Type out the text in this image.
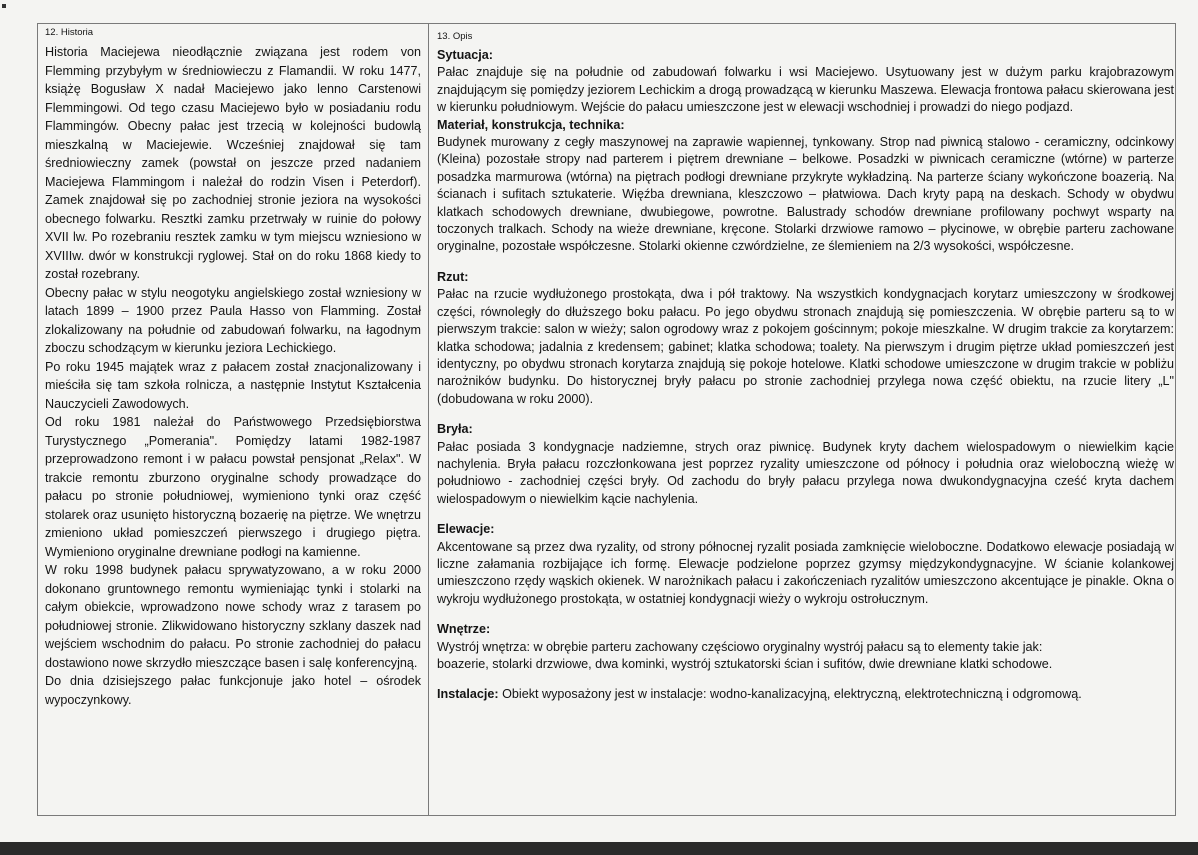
12. Historia

Historia Maciejewa nieodłącznie związana jest rodem von Flemming przybyłym w średniowieczu z Flamandii. W roku 1477, książę Bogusław X nadał Maciejewo jako lenno Carstenowi Flemmingowi. Od tego czasu Maciejewo było w posiadaniu rodu Flammingów. Obecny pałac jest trzecią w kolejności budowlą mieszkalną w Maciejewie. Wcześniej znajdował się tam średniowieczny zamek (powstał on jeszcze przed nadaniem Maciejewa Flammingom i należał do rodzin Visen i Peterdorf). Zamek znajdował się po zachodniej stronie jeziora na wysokości obecnego folwarku. Resztki zamku przetrwały w ruinie do połowy XVII lw. Po rozebraniu resztek zamku w tym miejscu wzniesiono w XVIIIw. dwór w konstrukcji ryglowej. Stał on do roku 1868 kiedy to został rozebrany.

Obecny pałac w stylu neogotyku angielskiego został wzniesiony w latach 1899 – 1900 przez Paula Hasso von Flamming. Został zlokalizowany na południe od zabudowań folwarku, na łagodnym zboczu schodzącym w kierunku jeziora Lechickiego.

Po roku 1945 majątek wraz z pałacem został znacjonalizowany i mieściła się tam szkoła rolnicza, a następnie Instytut Kształcenia Nauczycieli Zawodowych.

Od roku 1981 należał do Państwowego Przedsiębiorstwa Turystycznego „Pomerania". Pomiędzy latami 1982-1987 przeprowadzono remont i w pałacu powstał pensjonat „Relax". W trakcie remontu zburzono oryginalne schody prowadzące do pałacu po stronie południowej, wymieniono tynki oraz część stolarek oraz usunięto historyczną bozaerię na piętrze. We wnętrzu zmieniono układ pomieszczeń pierwszego i drugiego piętra. Wymieniono oryginalne drewniane podłogi na kamienne.

W roku 1998 budynek pałacu sprywatyzowano, a w roku 2000 dokonano gruntownego remontu wymieniając tynki i stolarki na całym obiekcie, wprowadzono nowe schody wraz z tarasem po południowej stronie. Zlikwidowano historyczny szklany daszek nad wejściem wschodnim do pałacu. Po stronie zachodniej do pałacu dostawiono nowe skrzydło mieszczące basen i salę konferencyjną.

Do dnia dzisiejszego pałac funkcjonuje jako hotel – ośrodek wypoczynkowy.

13. Opis
Sytuacja:

Pałac znajduje się na południe od zabudowań folwarku i wsi Maciejewo. Usytuowany jest w dużym parku krajobrazowym znajdującym się pomiędzy jeziorem Lechickim a drogą prowadzącą w kierunku Maszewa. Elewacja frontowa pałacu skierowana jest w kierunku południowym. Wejście do pałacu umieszczone jest w elewacji wschodniej i prowadzi do niego podjazd.

Materiał, konstrukcja, technika:

Budynek murowany z cegły maszynowej na zaprawie wapiennej, tynkowany. Strop nad piwnicą stalowo - ceramiczny, odcinkowy (Kleina) pozostałe stropy nad parterem i piętrem drewniane – belkowe. Posadzki w piwnicach ceramiczne (wtórne) w parterze posadzka marmurowa (wtórna) na piętrach podłogi drewniane przykryte wykładziną. Na parterze ściany wykończone boazerią. Na ścianach i sufitach sztukaterie. Więźba drewniana, kleszczowo – płatwiowa. Dach kryty papą na deskach. Schody w obydwu klatkach schodowych drewniane, dwubiegowe, powrotne. Balustrady schodów drewniane profilowany pochwyt wsparty na toczonych tralkach. Schody na wieże drewniane, kręcone. Stolarki drzwiowe ramowo – płycinowe, w obrębie parteru zachowane oryginalne, pozostałe współczesne. Stolarki okienne czwórdzielne, ze ślemieniem na 2/3 wysokości, współczesne.

Rzut:

Pałac na rzucie wydłużonego prostokąta, dwa i pół traktowy. Na wszystkich kondygnacjach korytarz umieszczony w środkowej części, równoległy do dłuższego boku pałacu. Po jego obydwu stronach znajdują się pomieszczenia. W obrębie parteru są to w pierwszym trakcie: salon w wieży; salon ogrodowy wraz z pokojem gościnnym; pokoje mieszkalne. W drugim trakcie za korytarzem: klatka schodowa; jadalnia z kredensem; gabinet; klatka schodowa; toalety. Na pierwszym i drugim piętrze układ pomieszczeń jest identyczny, po obydwu stronach korytarza znajdują się pokoje hotelowe. Klatki schodowe umieszczone w drugim trakcie w pobliżu narożników budynku. Do historycznej bryły pałacu po stronie zachodniej przylega nowa część obiektu, na rzucie litery „L" (dobudowana w roku 2000).

Bryła:

Pałac posiada 3 kondygnacje nadziemne, strych oraz piwnicę. Budynek kryty dachem wielospadowym o niewielkim kącie nachylenia. Bryła pałacu rozczłonkowana jest poprzez ryzality umieszczone od północy i południa oraz wieloboczną wieżę w południowo - zachodniej części bryły. Od zachodu do bryły pałacu przylega nowa dwukondygnacyjna cześć kryta dachem wielospadowym o niewielkim kącie nachylenia.

Elewacje:

Akcentowane są przez dwa ryzality, od strony północnej ryzalit posiada zamknięcie wieloboczne. Dodatkowo elewacje posiadają w liczne załamania rozbijające ich formę. Elewacje podzielone poprzez gzymsy międzykondygnacyjne. W ścianie kolankowej umieszczono rzędy wąskich okienek. W narożnikach pałacu i zakończeniach ryzalitów umieszczono akcentujące je pinakle. Okna o wykroju wydłużonego prostokąta, w ostatniej kondygnacji wieży o wykroju ostrołucznym.

Wnętrze:

Wystrój wnętrza: w obrębie parteru zachowany częściowo oryginalny wystrój pałacu są to elementy takie jak:

boazerie, stolarki drzwiowe, dwa kominki, wystrój sztukatorski ścian i sufitów, dwie drewniane klatki schodowe.

Instalacje: Obiekt wyposażony jest w instalacje: wodno-kanalizacyjną, elektryczną, elektrotechniczną i odgromową.
